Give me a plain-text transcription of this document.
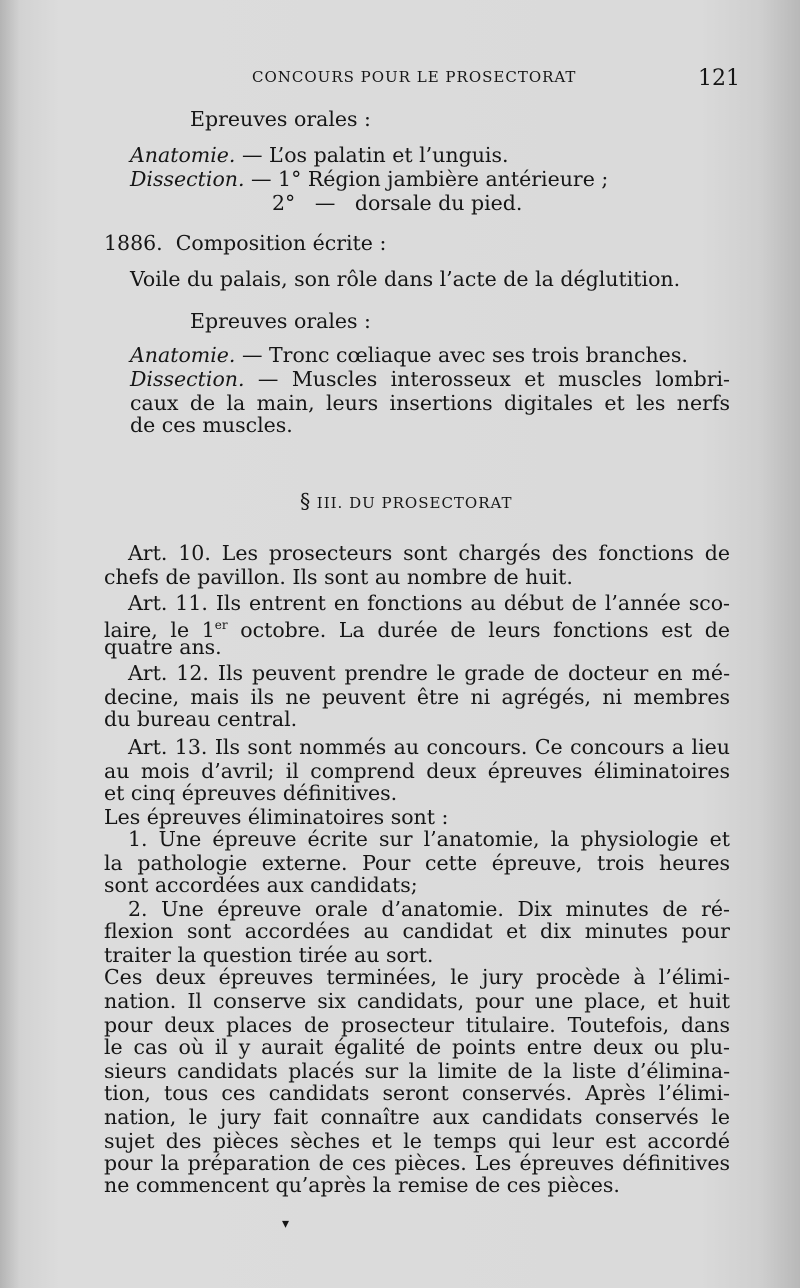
CONCOURS POUR LE PROSECTORAT	121
Epreuves orales :
Anatomie. — L’os palatin et l’unguis.
Dissection. — 1° Région jambière antérieure ;
2°   —   dorsale du pied.
1886.  Composition écrite :
Voile du palais, son rôle dans l’acte de la déglutition.
Epreuves orales :
Anatomie. — Tronc cœliaque avec ses trois branches.
Dissection. — Muscles interosseux et muscles lombri-
caux de la main, leurs insertions digitales et les nerfs
de ces muscles.
§ III. DU PROSECTORAT
Art. 10. Les prosecteurs sont chargés des fonctions de
chefs de pavillon. Ils sont au nombre de huit.
Art. 11. Ils entrent en fonctions au début de l’année sco-
laire, le 1er octobre. La durée de leurs fonctions est de
quatre ans.
Art. 12. Ils peuvent prendre le grade de docteur en mé-
decine, mais ils ne peuvent être ni agrégés, ni membres
du bureau central.
Art. 13. Ils sont nommés au concours. Ce concours a lieu
au mois d’avril; il comprend deux épreuves éliminatoires
et cinq épreuves définitives.
Les épreuves éliminatoires sont :
1. Une épreuve écrite sur l’anatomie, la physiologie et
la pathologie externe. Pour cette épreuve, trois heures
sont accordées aux candidats;
2. Une épreuve orale d’anatomie. Dix minutes de ré-
flexion sont accordées au candidat et dix minutes pour
traiter la question tirée au sort.
Ces deux épreuves terminées, le jury procède à l’élimi-
nation. Il conserve six candidats, pour une place, et huit
pour deux places de prosecteur titulaire. Toutefois, dans
le cas où il y aurait égalité de points entre deux ou plu-
sieurs candidats placés sur la limite de la liste d’élimina-
tion, tous ces candidats seront conservés. Après l’élimi-
nation, le jury fait connaître aux candidats conservés le
sujet des pièces sèches et le temps qui leur est accordé
pour la préparation de ces pièces. Les épreuves définitives
ne commencent qu’après la remise de ces pièces.
▾
